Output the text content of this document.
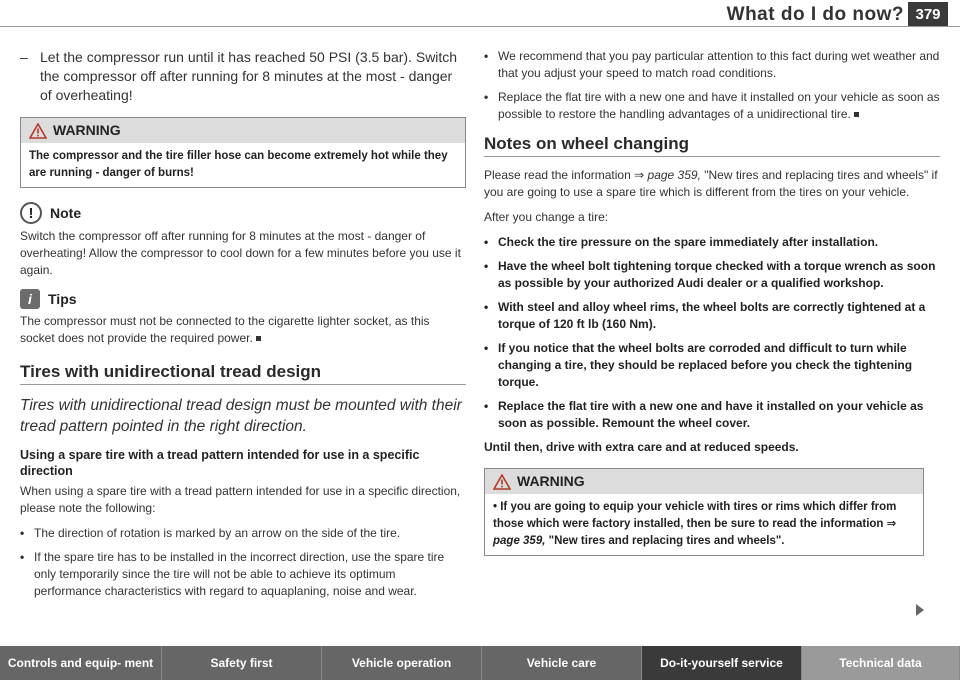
What do I do now? 379
– Let the compressor run until it has reached 50 PSI (3.5 bar). Switch the compressor off after running for 8 minutes at the most - danger of overheating!
WARNING
The compressor and the tire filler hose can become extremely hot while they are running - danger of burns!
!	Note

Switch the compressor off after running for 8 minutes at the most - danger of overheating! Allow the compressor to cool down for a few minutes before you use it again.

i	Tips

The compressor must not be connected to the cigarette lighter socket, as this socket does not provide the required power.

Tires with unidirectional tread design
Tires with unidirectional tread design must be mounted with their tread pattern pointed in the right direction.
Using a spare tire with a tread pattern intended for use in a specific direction

When using a spare tire with a tread pattern intended for use in a specific direction, please note the following:

• The direction of rotation is marked by an arrow on the side of the tire.
• If the spare tire has to be installed in the incorrect direction, use the spare tire only temporarily since the tire will not be able to achieve its optimum performance characteristics with regard to aquaplaning, noise and wear.
• We recommend that you pay particular attention to this fact during wet weather and that you adjust your speed to match road conditions.
• Replace the flat tire with a new one and have it installed on your vehicle as soon as possible to restore the handling advantages of a unidirectional tire.
Notes on wheel changing

Please read the information ⇒ page 359, "New tires and replacing tires and wheels" if you are going to use a spare tire which is different from the tires on your vehicle.

After you change a tire:

• Check the tire pressure on the spare immediately after installation.
• Have the wheel bolt tightening torque checked with a torque wrench as soon as possible by your authorized Audi dealer or a qualified workshop.
• With steel and alloy wheel rims, the wheel bolts are correctly tightened at a torque of 120 ft lb (160 Nm).
• If you notice that the wheel bolts are corroded and difficult to turn while changing a tire, they should be replaced before you check the tightening torque.
• Replace the flat tire with a new one and have it installed on your vehicle as soon as possible. Remount the wheel cover.

Until then, drive with extra care and at reduced speeds.

WARNING
• If you are going to equip your vehicle with tires or rims which differ from those which were factory installed, then be sure to read the information ⇒ page 359, "New tires and replacing tires and wheels".
Controls and equip- ment	Safety first	Vehicle operation	Vehicle care	Do-it-yourself service	Technical data
